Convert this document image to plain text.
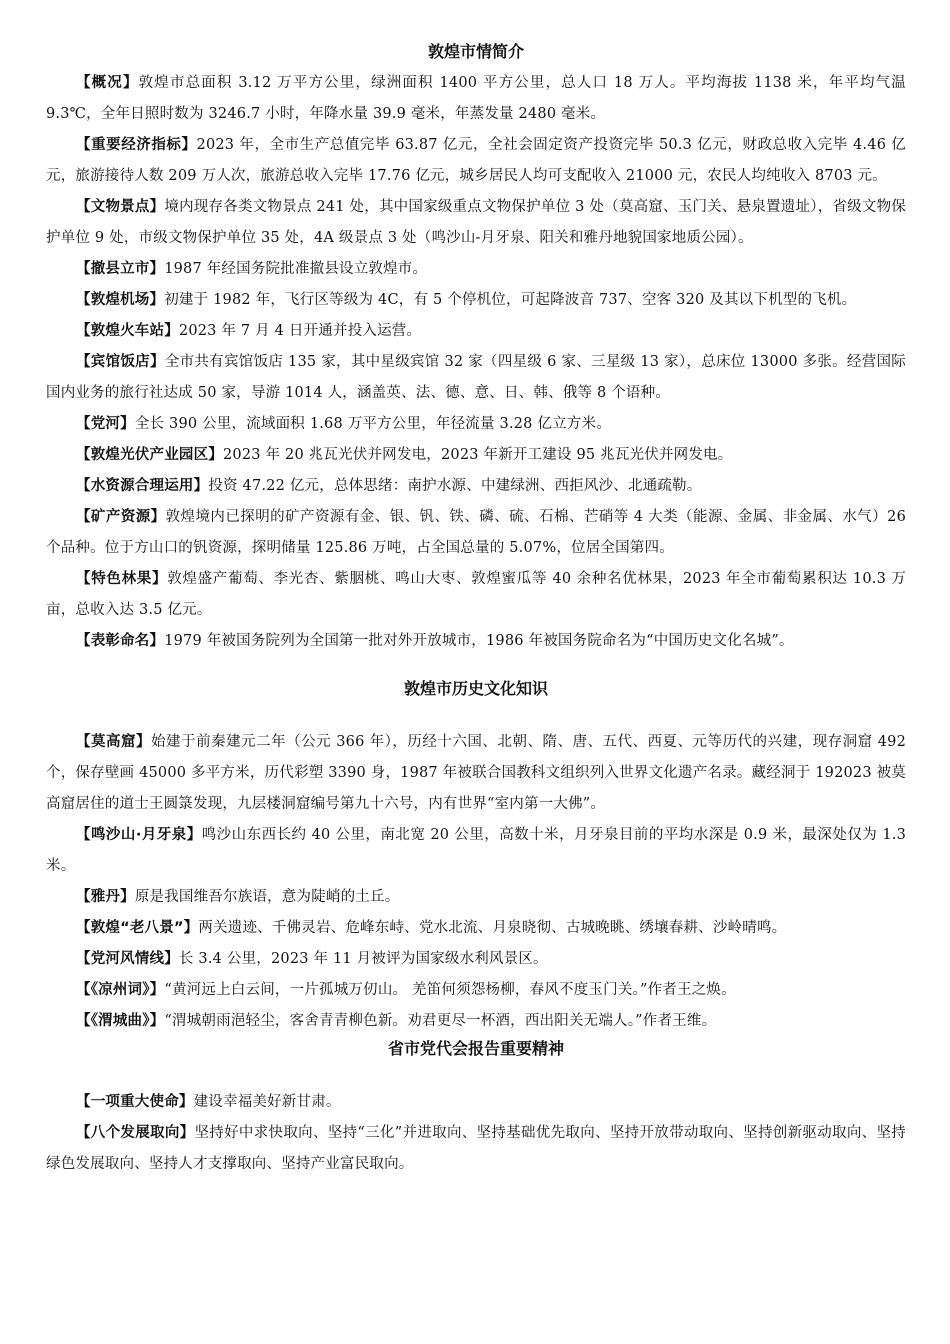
敦煌市情简介

【概况】敦煌市总面积 3.12 万平方公里，绿洲面积 1400 平方公里，总人口 18 万人。平均海拔 1138 米，年平均气温 9.3℃，全年日照时数为 3246.7 小时，年降水量 39.9 毫米，年蒸发量 2480 毫米。

【重要经济指标】2023 年，全市生产总值完毕 63.87 亿元，全社会固定资产投资完毕 50.3 亿元，财政总收入完毕 4.46 亿元，旅游接待人数 209 万人次，旅游总收入完毕 17.76 亿元，城乡居民人均可支配收入 21000 元，农民人均纯收入 8703 元。

【文物景点】境内现存各类文物景点 241 处，其中国家级重点文物保护单位 3 处（莫高窟、玉门关、悬泉置遗址），省级文物保护单位 9 处，市级文物保护单位 35 处，4A 级景点 3 处（鸣沙山-月牙泉、阳关和雅丹地貌国家地质公园）。

【撤县立市】1987 年经国务院批准撤县设立敦煌市。

【敦煌机场】初建于 1982 年，飞行区等级为 4C，有 5 个停机位，可起降波音 737、空客 320 及其以下机型的飞机。

【敦煌火车站】2023 年 7 月 4 日开通并投入运营。

【宾馆饭店】全市共有宾馆饭店 135 家，其中星级宾馆 32 家（四星级 6 家、三星级 13 家），总床位 13000 多张。经营国际国内业务的旅行社达成 50 家，导游 1014 人，涵盖英、法、德、意、日、韩、俄等 8 个语种。

【党河】全长 390 公里，流域面积 1.68 万平方公里，年径流量 3.28 亿立方米。

【敦煌光伏产业园区】2023 年 20 兆瓦光伏并网发电，2023 年新开工建设 95 兆瓦光伏并网发电。

【水资源合理运用】投资 47.22 亿元，总体思绪：南护水源、中建绿洲、西拒风沙、北通疏勒。

【矿产资源】敦煌境内已探明的矿产资源有金、银、钒、铁、磷、硫、石棉、芒硝等 4 大类（能源、金属、非金属、水气）26 个品种。位于方山口的钒资源，探明储量 125.86 万吨，占全国总量的 5.07%，位居全国第四。

【特色林果】敦煌盛产葡萄、李光杏、紫胭桃、鸣山大枣、敦煌蜜瓜等 40 余种名优林果，2023 年全市葡萄累积达 10.3 万亩，总收入达 3.5 亿元。

【表彰命名】1979 年被国务院列为全国第一批对外开放城市，1986 年被国务院命名为“中国历史文化名城”。

敦煌市历史文化知识

【莫高窟】始建于前秦建元二年（公元 366 年），历经十六国、北朝、隋、唐、五代、西夏、元等历代的兴建，现存洞窟 492 个，保存壁画 45000 多平方米，历代彩塑 3390 身，1987 年被联合国教科文组织列入世界文化遗产名录。藏经洞于 192023 被莫高窟居住的道士王圆箓发现，九层楼洞窟编号第九十六号，内有世界“室内第一大佛”。

【鸣沙山·月牙泉】鸣沙山东西长约 40 公里，南北宽 20 公里，高数十米，月牙泉目前的平均水深是 0.9 米，最深处仅为 1.3 米。

【雅丹】原是我国维吾尔族语，意为陡峭的土丘。

【敦煌“老八景”】两关遗迹、千佛灵岩、危峰东峙、党水北流、月泉晓彻、古城晚眺、绣壤春耕、沙岭晴鸣。

【党河风情线】长 3.4 公里，2023 年 11 月被评为国家级水利风景区。

【《凉州词》】“黄河远上白云间，一片孤城万仞山。 羌笛何须怨杨柳，春风不度玉门关。”作者王之焕。

【《渭城曲》】“渭城朝雨浥轻尘，客舍青青柳色新。劝君更尽一杯酒，西出阳关无端人。”作者王维。

省市党代会报告重要精神

【一项重大使命】建设幸福美好新甘肃。

【八个发展取向】坚持好中求快取向、坚持“三化”并进取向、坚持基础优先取向、坚持开放带动取向、坚持创新驱动取向、坚持绿色发展取向、坚持人才支撑取向、坚持产业富民取向。
